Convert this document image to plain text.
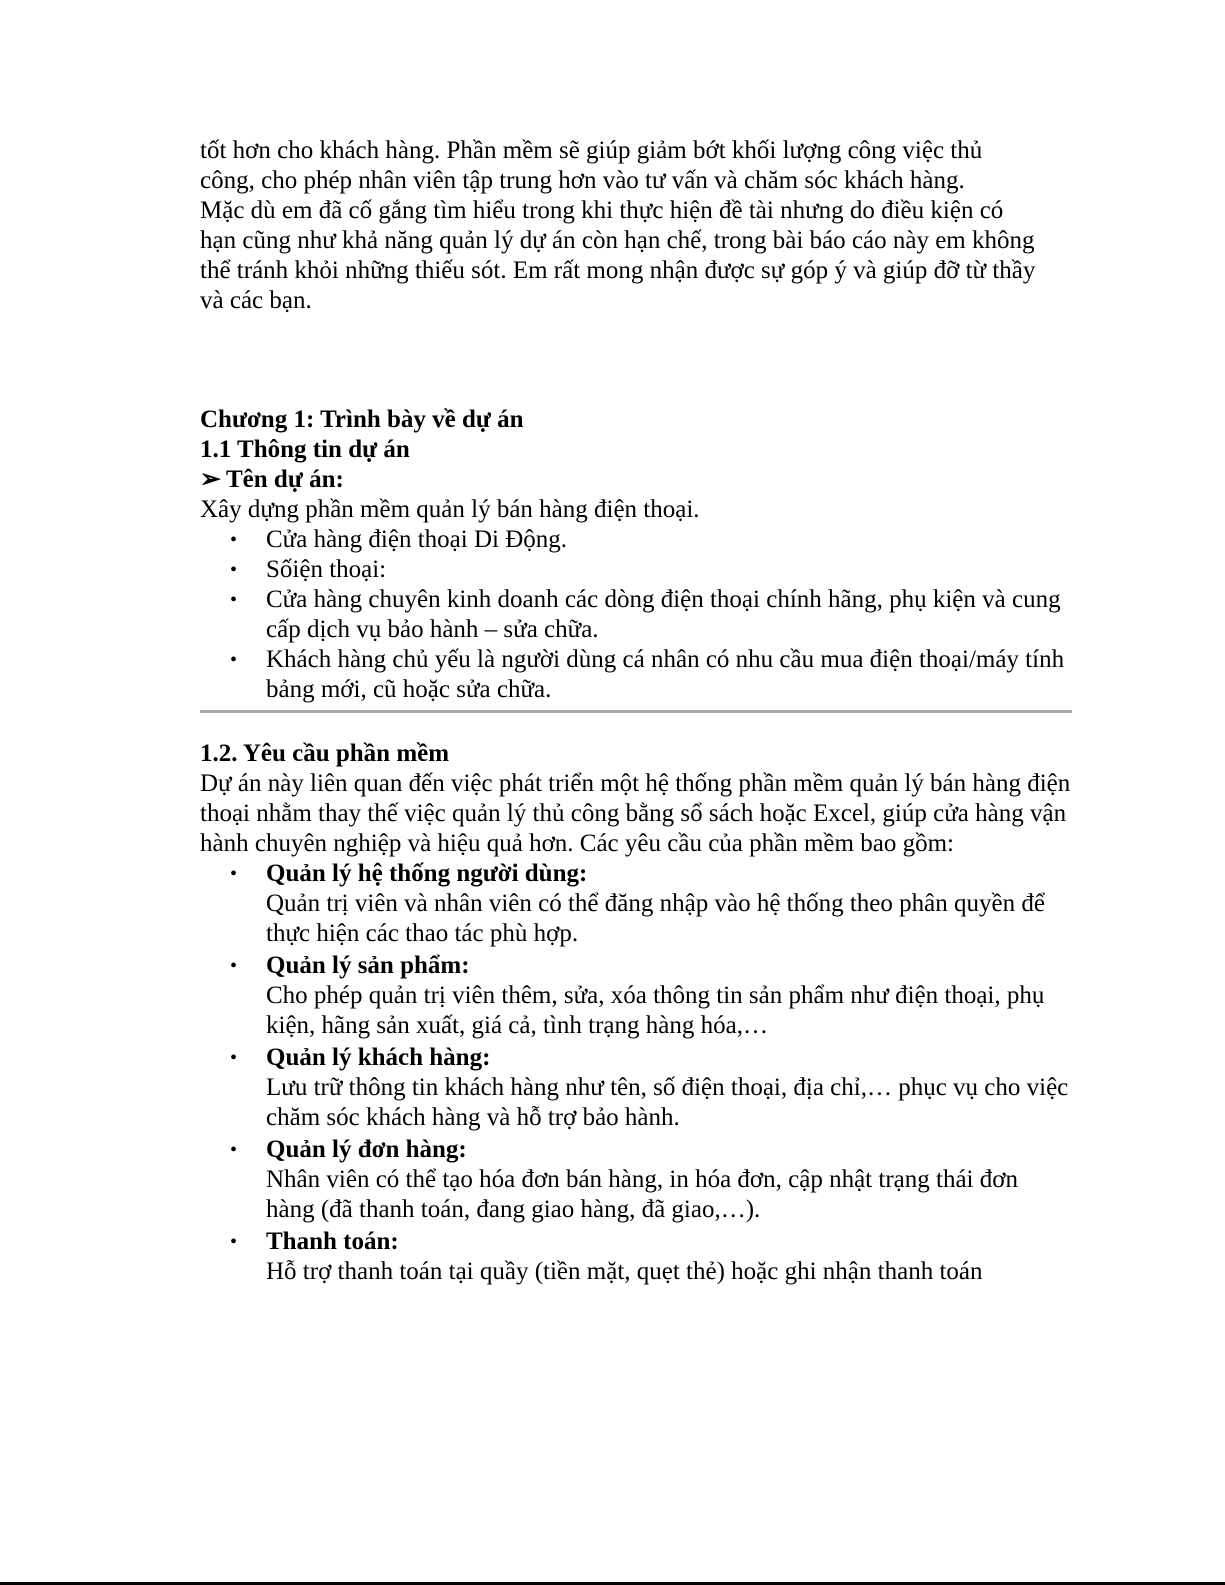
tốt hơn cho khách hàng. Phần mềm sẽ giúp giảm bớt khối lượng công việc thủ

công, cho phép nhân viên tập trung hơn vào tư vấn và chăm sóc khách hàng.

Mặc dù em đã cố gắng tìm hiểu trong khi thực hiện đề tài nhưng do điều kiện có

hạn cũng như khả năng quản lý dự án còn hạn chế, trong bài báo cáo này em không

thể tránh khỏi những thiếu sót. Em rất mong nhận được sự góp ý và giúp đỡ từ thầy

và các bạn.

Chương 1: Trình bày về dự án

1.1 Thông tin dự án

➢ Tên dự án:

Xây dựng phần mềm quản lý bán hàng điện thoại.

• Cửa hàng điện thoại Di Động.
• Sốiện thoại:
• Cửa hàng chuyên kinh doanh các dòng điện thoại chính hãng, phụ kiện và cung cấp dịch vụ bảo hành – sửa chữa.
• Khách hàng chủ yếu là người dùng cá nhân có nhu cầu mua điện thoại/máy tính bảng mới, cũ hoặc sửa chữa.

1.2. Yêu cầu phần mềm

Dự án này liên quan đến việc phát triển một hệ thống phần mềm quản lý bán hàng điện thoại nhằm thay thế việc quản lý thủ công bằng sổ sách hoặc Excel, giúp cửa hàng vận hành chuyên nghiệp và hiệu quả hơn. Các yêu cầu của phần mềm bao gồm:

• Quản lý hệ thống người dùng:
Quản trị viên và nhân viên có thể đăng nhập vào hệ thống theo phân quyền để thực hiện các thao tác phù hợp.
• Quản lý sản phẩm:
Cho phép quản trị viên thêm, sửa, xóa thông tin sản phẩm như điện thoại, phụ kiện, hãng sản xuất, giá cả, tình trạng hàng hóa,…
• Quản lý khách hàng:
Lưu trữ thông tin khách hàng như tên, số điện thoại, địa chỉ,… phục vụ cho việc chăm sóc khách hàng và hỗ trợ bảo hành.
• Quản lý đơn hàng:
Nhân viên có thể tạo hóa đơn bán hàng, in hóa đơn, cập nhật trạng thái đơn hàng (đã thanh toán, đang giao hàng, đã giao,…).
• Thanh toán:
Hỗ trợ thanh toán tại quầy (tiền mặt, quẹt thẻ) hoặc ghi nhận thanh toán
